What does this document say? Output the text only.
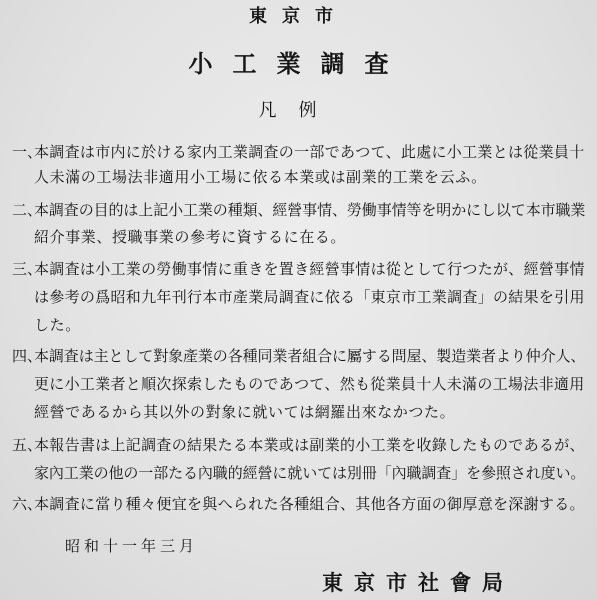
東京市
小工業調査
凡例
一、
本調査は市内に於ける家内工業調査の一部であつて、此處に小工業とは從業員十
人未滿の工場法非適用小工場に依る本業或は副業的工業を云ふ。
二、
本調査の目的は上記小工業の種類、經營事情、勞働事情等を明かにし以て本市職業
紹介事業、授職事業の參考に資するに在る。
三、
本調査は小工業の勞働事情に重きを置き經營事情は從として行つたが、經營事情
は參考の爲昭和九年刊行本市產業局調査に依る「東京市工業調査」の結果を引用
した。
四、
本調査は主として對象產業の各種同業者組合に屬する問屋、製造業者より仲介人、
更に小工業者と順次探索したものであつて、然も從業員十人未滿の工場法非適用
經營であるから其以外の對象に就いては網羅出來なかつた。
五、
本報告書は上記調査の結果たる本業或は副業的小工業を收錄したものであるが、
家內工業の他の一部たる內職的經營に就いては別冊「內職調査」を參照され度い。
六、
本調査に當り種々便宜を與へられた各種組合、其他各方面の御厚意を深謝する。
昭和十一年三月
東京市社會局
